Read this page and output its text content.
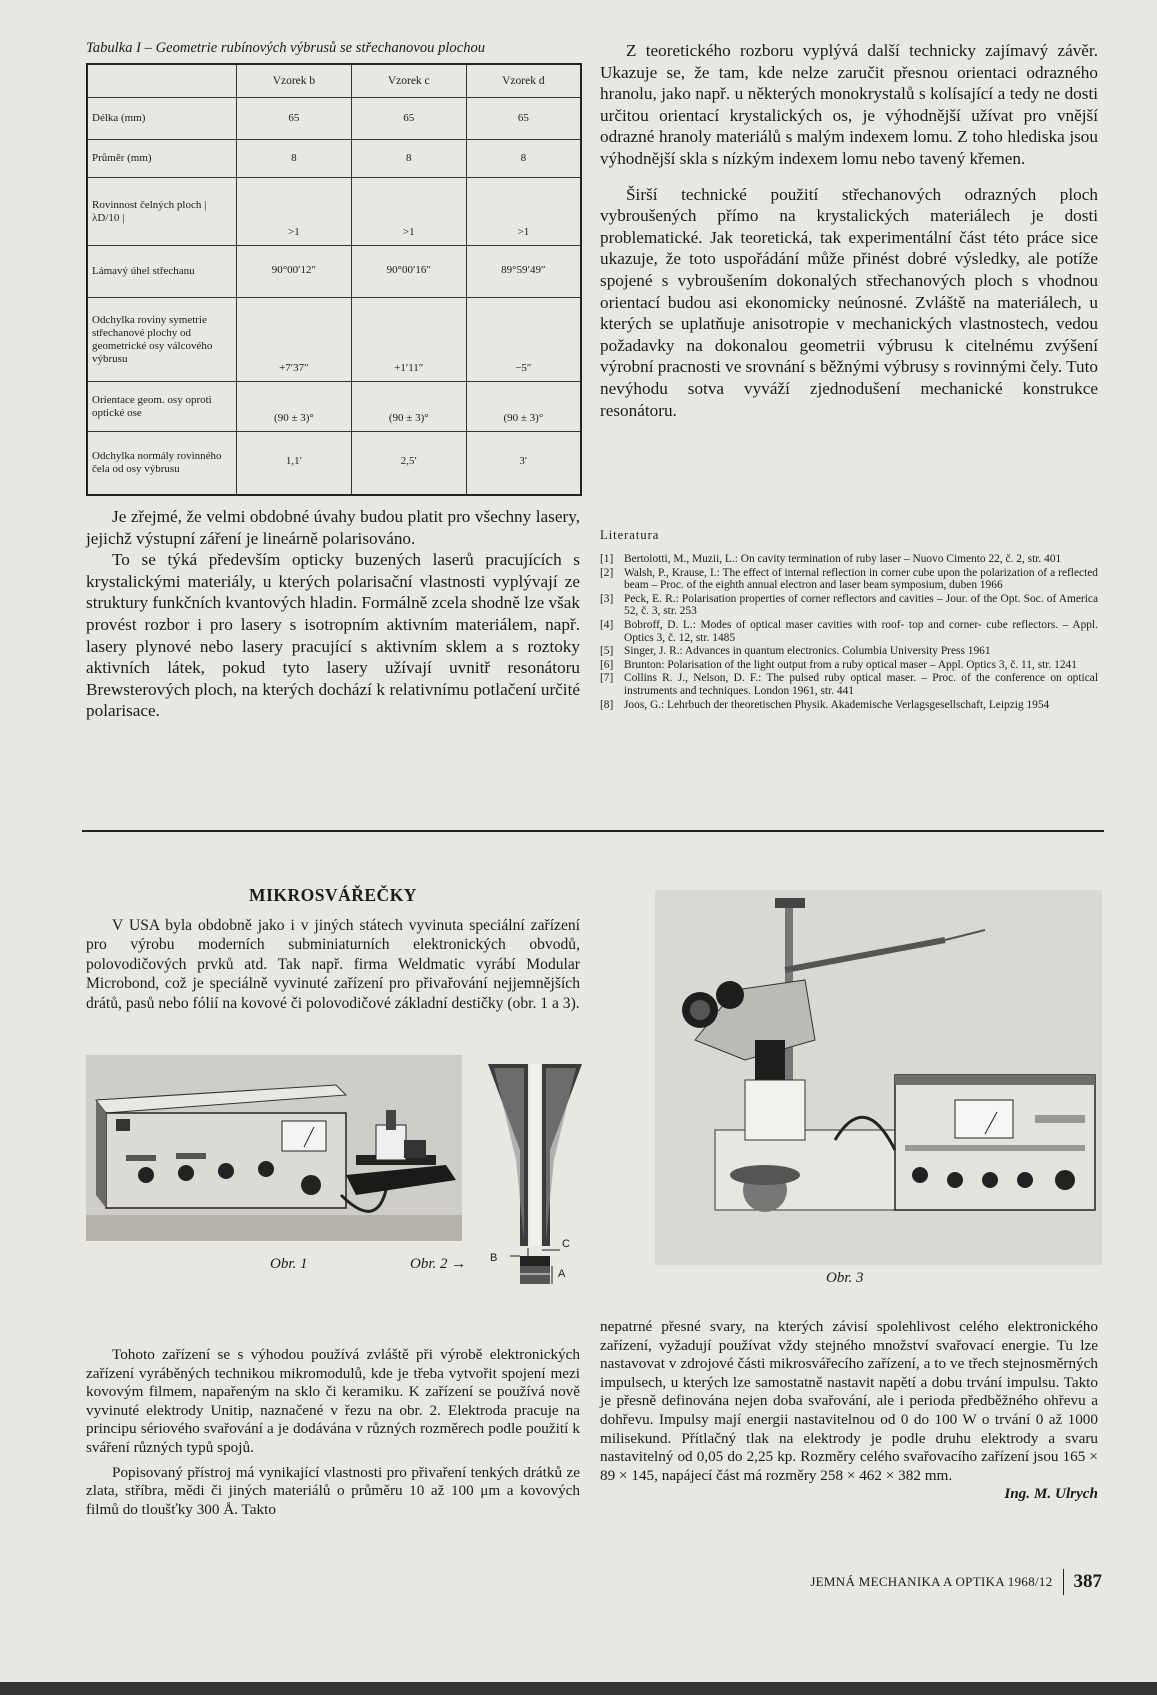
Tabulka I – Geometrie rubínových výbrusů se střechanovou plochou
	Vzorek b	Vzorek c	Vzorek d
Délka (mm)	65	65	65
Průměr (mm)	8	8	8
Rovinnost čelných ploch | λD/10 |	>1	>1	>1
Lámavý úhel střechanu	90°00′12″	90°00′16″	89°59′49″
Odchylka roviny symetrie střechanové plochy od geometrické osy válcového výbrusu	+7′37″	+1′11″	−5″
Orientace geom. osy oproti optické ose	(90 ± 3)°	(90 ± 3)°	(90 ± 3)°
Odchylka normály rovinného čela od osy výbrusu	1,1′	2,5′	3′

Je zřejmé, že velmi obdobné úvahy budou platit pro všechny lasery, jejichž výstupní záření je lineárně polarisováno.

To se týká především opticky buzených laserů pracujících s krystalickými materiály, u kterých polarisační vlastnosti vyplývají ze struktury funkčních kvantových hladin. Formálně zcela shodně lze však provést rozbor i pro lasery s isotropním aktivním materiálem, např. lasery plynové nebo lasery pracující s aktivním sklem a s roztoky aktivních látek, pokud tyto lasery užívají uvnitř resonátoru Brewsterových ploch, na kterých dochází k relativnímu potlačení určité polarisace.

Z teoretického rozboru vyplývá další technicky zajímavý závěr. Ukazuje se, že tam, kde nelze zaručit přesnou orientaci odrazného hranolu, jako např. u některých monokrystalů s kolísající a tedy ne dosti určitou orientací krystalických os, je výhodnější užívat pro vnější odrazné hranoly materiálů s malým indexem lomu. Z toho hlediska jsou výhodnější skla s nízkým indexem lomu nebo tavený křemen.

Širší technické použití střechanových odrazných ploch vybroušených přímo na krystalických materiálech je dosti problematické. Jak teoretická, tak experimentální část této práce sice ukazuje, že toto uspořádání může přinést dobré výsledky, ale potíže spojené s vybroušením dokonalých střechanových ploch s vhodnou orientací budou asi ekonomicky neúnosné. Zvláště na materiálech, u kterých se uplatňuje anisotropie v mechanických vlastnostech, vedou požadavky na dokonalou geometrii výbrusu k citelnému zvýšení výrobní pracnosti ve srovnání s běžnými výbrusy s rovinnými čely. Tuto nevýhodu sotva vyváží zjednodušení mechanické konstrukce resonátoru.

Literatura
[1] Bertolotti, M., Muzii, L.: On cavity termination of ruby laser – Nuovo Cimento 22, č. 2, str. 401
[2] Walsh, P., Krause, I.: The effect of internal reflection in corner cube upon the polarization of a reflected beam – Proc. of the eighth annual electron and laser beam symposium, duben 1966
[3] Peck, E. R.: Polarisation properties of corner reflectors and cavities – Jour. of the Opt. Soc. of America 52, č. 3, str. 253
[4] Bobroff, D. L.: Modes of optical maser cavities with roof- top and corner- cube reflectors. – Appl. Optics 3, č. 12, str. 1485
[5] Singer, J. R.: Advances in quantum electronics. Columbia University Press 1961
[6] Brunton: Polarisation of the light output from a ruby optical maser – Appl. Optics 3, č. 11, str. 1241
[7] Collins R. J., Nelson, D. F.: The pulsed ruby optical maser. – Proc. of the conference on optical instruments and techniques. London 1961, str. 441
[8] Joos, G.: Lehrbuch der theoretischen Physik. Akademische Verlagsgesellschaft, Leipzig 1954
MIKROSVÁŘEČKY

V USA byla obdobně jako i v jiných státech vyvinuta speciální zařízení pro výrobu moderních subminiaturních elektronických obvodů, polovodičových prvků atd. Tak např. firma Weldmatic vyrábí Modular Microbond, což je speciálně vyvinuté zařízení pro přivařování nejjemnějších drátů, pasů nebo fólií na kovové či polovodičové základní destičky (obr. 1 a 3).

C
B
A
Obr. 1	Obr. 2 →
Obr. 3

Tohoto zařízení se s výhodou používá zvláště při výrobě elektronických zařízení vyráběných technikou mikromodulů, kde je třeba vytvořit spojení mezi kovovým filmem, napařeným na sklo či keramiku. K zařízení se používá nově vyvinuté elektrody Unitip, naznačené v řezu na obr. 2. Elektroda pracuje na principu sériového svařování a je dodávána v různých rozměrech podle použití k sváření různých typů spojů.

Popisovaný přístroj má vynikající vlastnosti pro přivaření tenkých drátků ze zlata, stříbra, mědi či jiných materiálů o průměru 10 až 100 μm a kovových filmů do tloušťky 300 Å. Takto

nepatrné přesné svary, na kterých závisí spolehlivost celého elektronického zařízení, vyžadují používat vždy stejného množství svařovací energie. Tu lze nastavovat v zdrojové části mikrosvářecího zařízení, a to ve třech stejnosměrných impulsech, u kterých lze samostatně nastavit napětí a dobu trvání impulsu. Takto je přesně definována nejen doba svařování, ale i perioda předběžného ohřevu a dohřevu. Impulsy mají energii nastavitelnou od 0 do 100 W o trvání 0 až 1000 milisekund. Přítlačný tlak na elektrody je podle druhu elektrody a svaru nastavitelný od 0,05 do 2,25 kp. Rozměry celého svařovacího zařízení jsou 165 × 89 × 145, napájecí část má rozměry 258 × 462 × 382 mm.

Ing. M. Ulrych
JEMNÁ MECHANIKA A OPTIKA 1968/12 387
